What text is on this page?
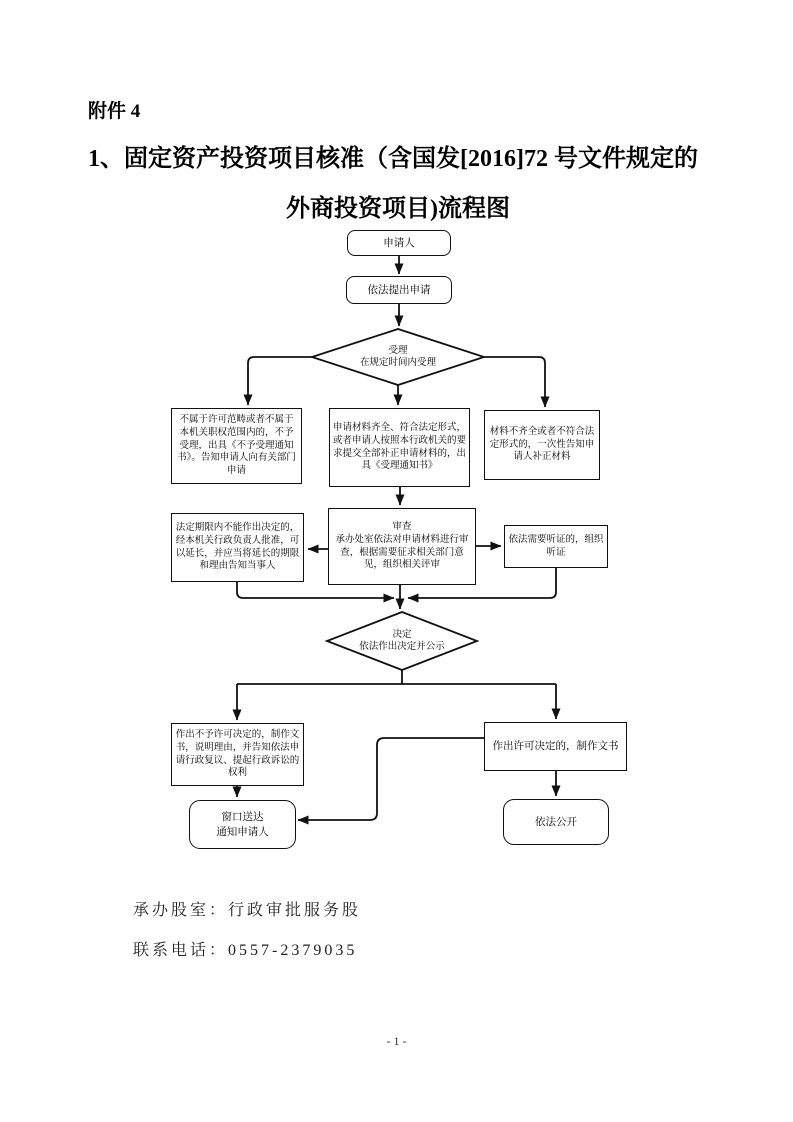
附件 4
1、固定资产投资项目核准（含国发[2016]72 号文件规定的
外商投资项目)流程图
申请人
依法提出申请
受理
在规定时间内受理
不属于许可范畴或者不属于本机关职权范围内的，不予受理，出具《不予受理通知书》。告知申请人向有关部门申请
申请材料齐全、符合法定形式，或者申请人按照本行政机关的要求提交全部补正申请材料的，出具《受理通知书》
材料不齐全或者不符合法定形式的，一次性告知申请人补正材料
法定期限内不能作出决定的，经本机关行政负责人批准，可以延长，并应当将延长的期限和理由告知当事人
审查
承办处室依法对申请材料进行审查，根据需要征求相关部门意见，组织相关评审
依法需要听证的，组织听证
决定
依法作出决定并公示
作出不予许可决定的，制作文书，说明理由，并告知依法申请行政复议、提起行政诉讼的权利
作出许可决定的，制作文书
窗口送达
通知申请人
依法公开
承办股室：行政审批服务股
联系电话：0557-2379035
- 1 -
